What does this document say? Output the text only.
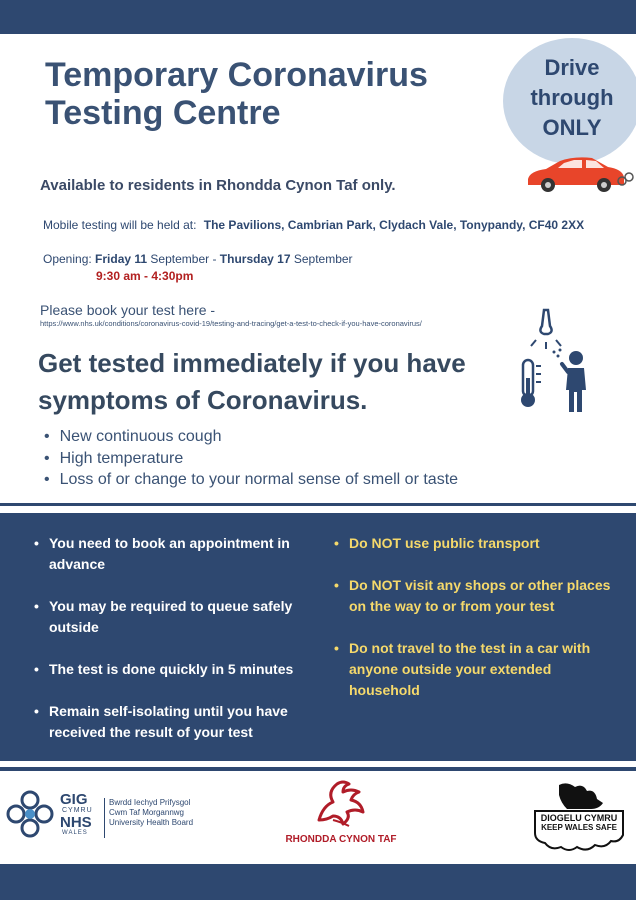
Temporary Coronavirus
Testing Centre
Drive
through
ONLY
Available to residents in Rhondda Cynon Taf only.
Mobile testing will be held at: The Pavilions, Cambrian Park, Clydach Vale, Tonypandy, CF40 2XX
Opening: Friday 11 September - Thursday 17 September
9:30 am - 4:30pm
Please book your test here -
https://www.nhs.uk/conditions/coronavirus-covid-19/testing-and-tracing/get-a-test-to-check-if-you-have-coronavirus/
Get tested immediately if you have
symptoms of Coronavirus.
• New continuous cough
• High temperature
• Loss of or change to your normal sense of smell or taste
• You need to book an appointment in advance
• You may be required to queue safely outside
• The test is done quickly in 5 minutes
• Remain self-isolating until you have received the result of your test
• Do NOT use public transport
• Do NOT visit any shops or other places on the way to or from your test
• Do not travel to the test in a car with anyone outside your extended household
GIG
CYMRU
NHS
WALES
Bwrdd Iechyd Prifysgol
Cwm Taf Morgannwg
University Health Board
RHONDDA CYNON TAF
DIOGELU CYMRU
KEEP WALES SAFE
